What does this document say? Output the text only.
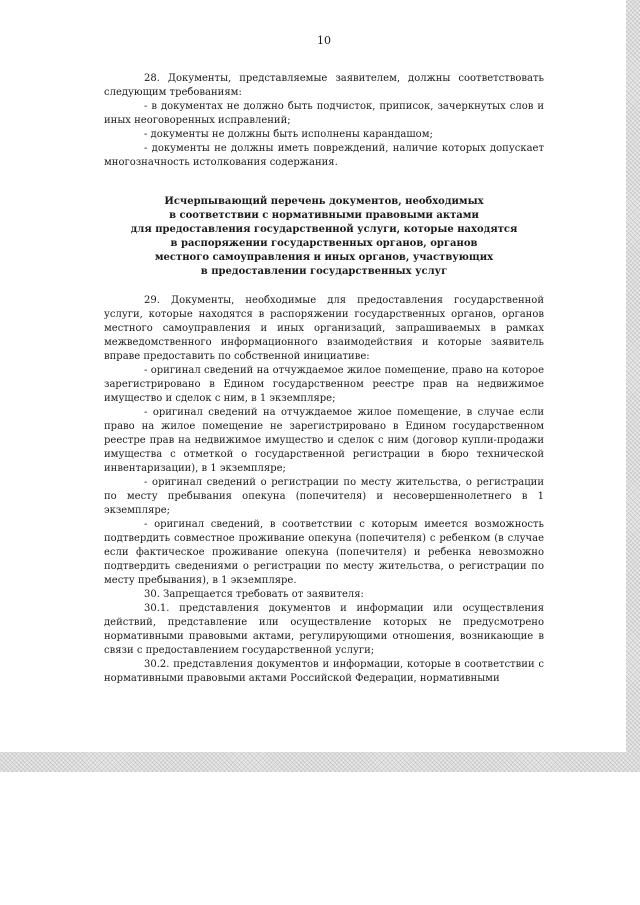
10

28. Документы, представляемые заявителем, должны соответствовать следующим требованиям:

- в документах не должно быть подчисток, приписок, зачеркнутых слов и иных неоговоренных исправлений;

- документы не должны быть исполнены карандашом;

- документы не должны иметь повреждений, наличие которых допускает многозначность истолкования содержания.

Исчерпывающий перечень документов, необходимых
в соответствии с нормативными правовыми актами
для предоставления государственной услуги, которые находятся
в распоряжении государственных органов, органов
местного самоуправления и иных органов, участвующих
в предоставлении государственных услуг

29. Документы, необходимые для предоставления государственной услуги, которые находятся в распоряжении государственных органов, органов местного самоуправления и иных организаций, запрашиваемых в рамках межведомственного информационного взаимодействия и которые заявитель вправе предоставить по собственной инициативе:

- оригинал сведений на отчуждаемое жилое помещение, право на которое зарегистрировано в Едином государственном реестре прав на недвижимое имущество и сделок с ним, в 1 экземпляре;

- оригинал сведений на отчуждаемое жилое помещение, в случае если право на жилое помещение не зарегистрировано в Едином государственном реестре прав на недвижимое имущество и сделок с ним (договор купли-продажи имущества с отметкой о государственной регистрации в бюро технической инвентаризации), в 1 экземпляре;

- оригинал сведений о регистрации по месту жительства, о регистрации по месту пребывания опекуна (попечителя) и несовершеннолетнего в 1 экземпляре;

- оригинал сведений, в соответствии с которым имеется возможность подтвердить совместное проживание опекуна (попечителя) с ребенком (в случае если фактическое проживание опекуна (попечителя) и ребенка невозможно подтвердить сведениями о регистрации по месту жительства, о регистрации по месту пребывания), в 1 экземпляре.

30. Запрещается требовать от заявителя:

30.1. представления документов и информации или осуществления действий, представление или осуществление которых не предусмотрено нормативными правовыми актами, регулирующими отношения, возникающие в связи с предоставлением государственной услуги;

30.2. представления документов и информации, которые в соответствии с нормативными правовыми актами Российской Федерации, нормативными
